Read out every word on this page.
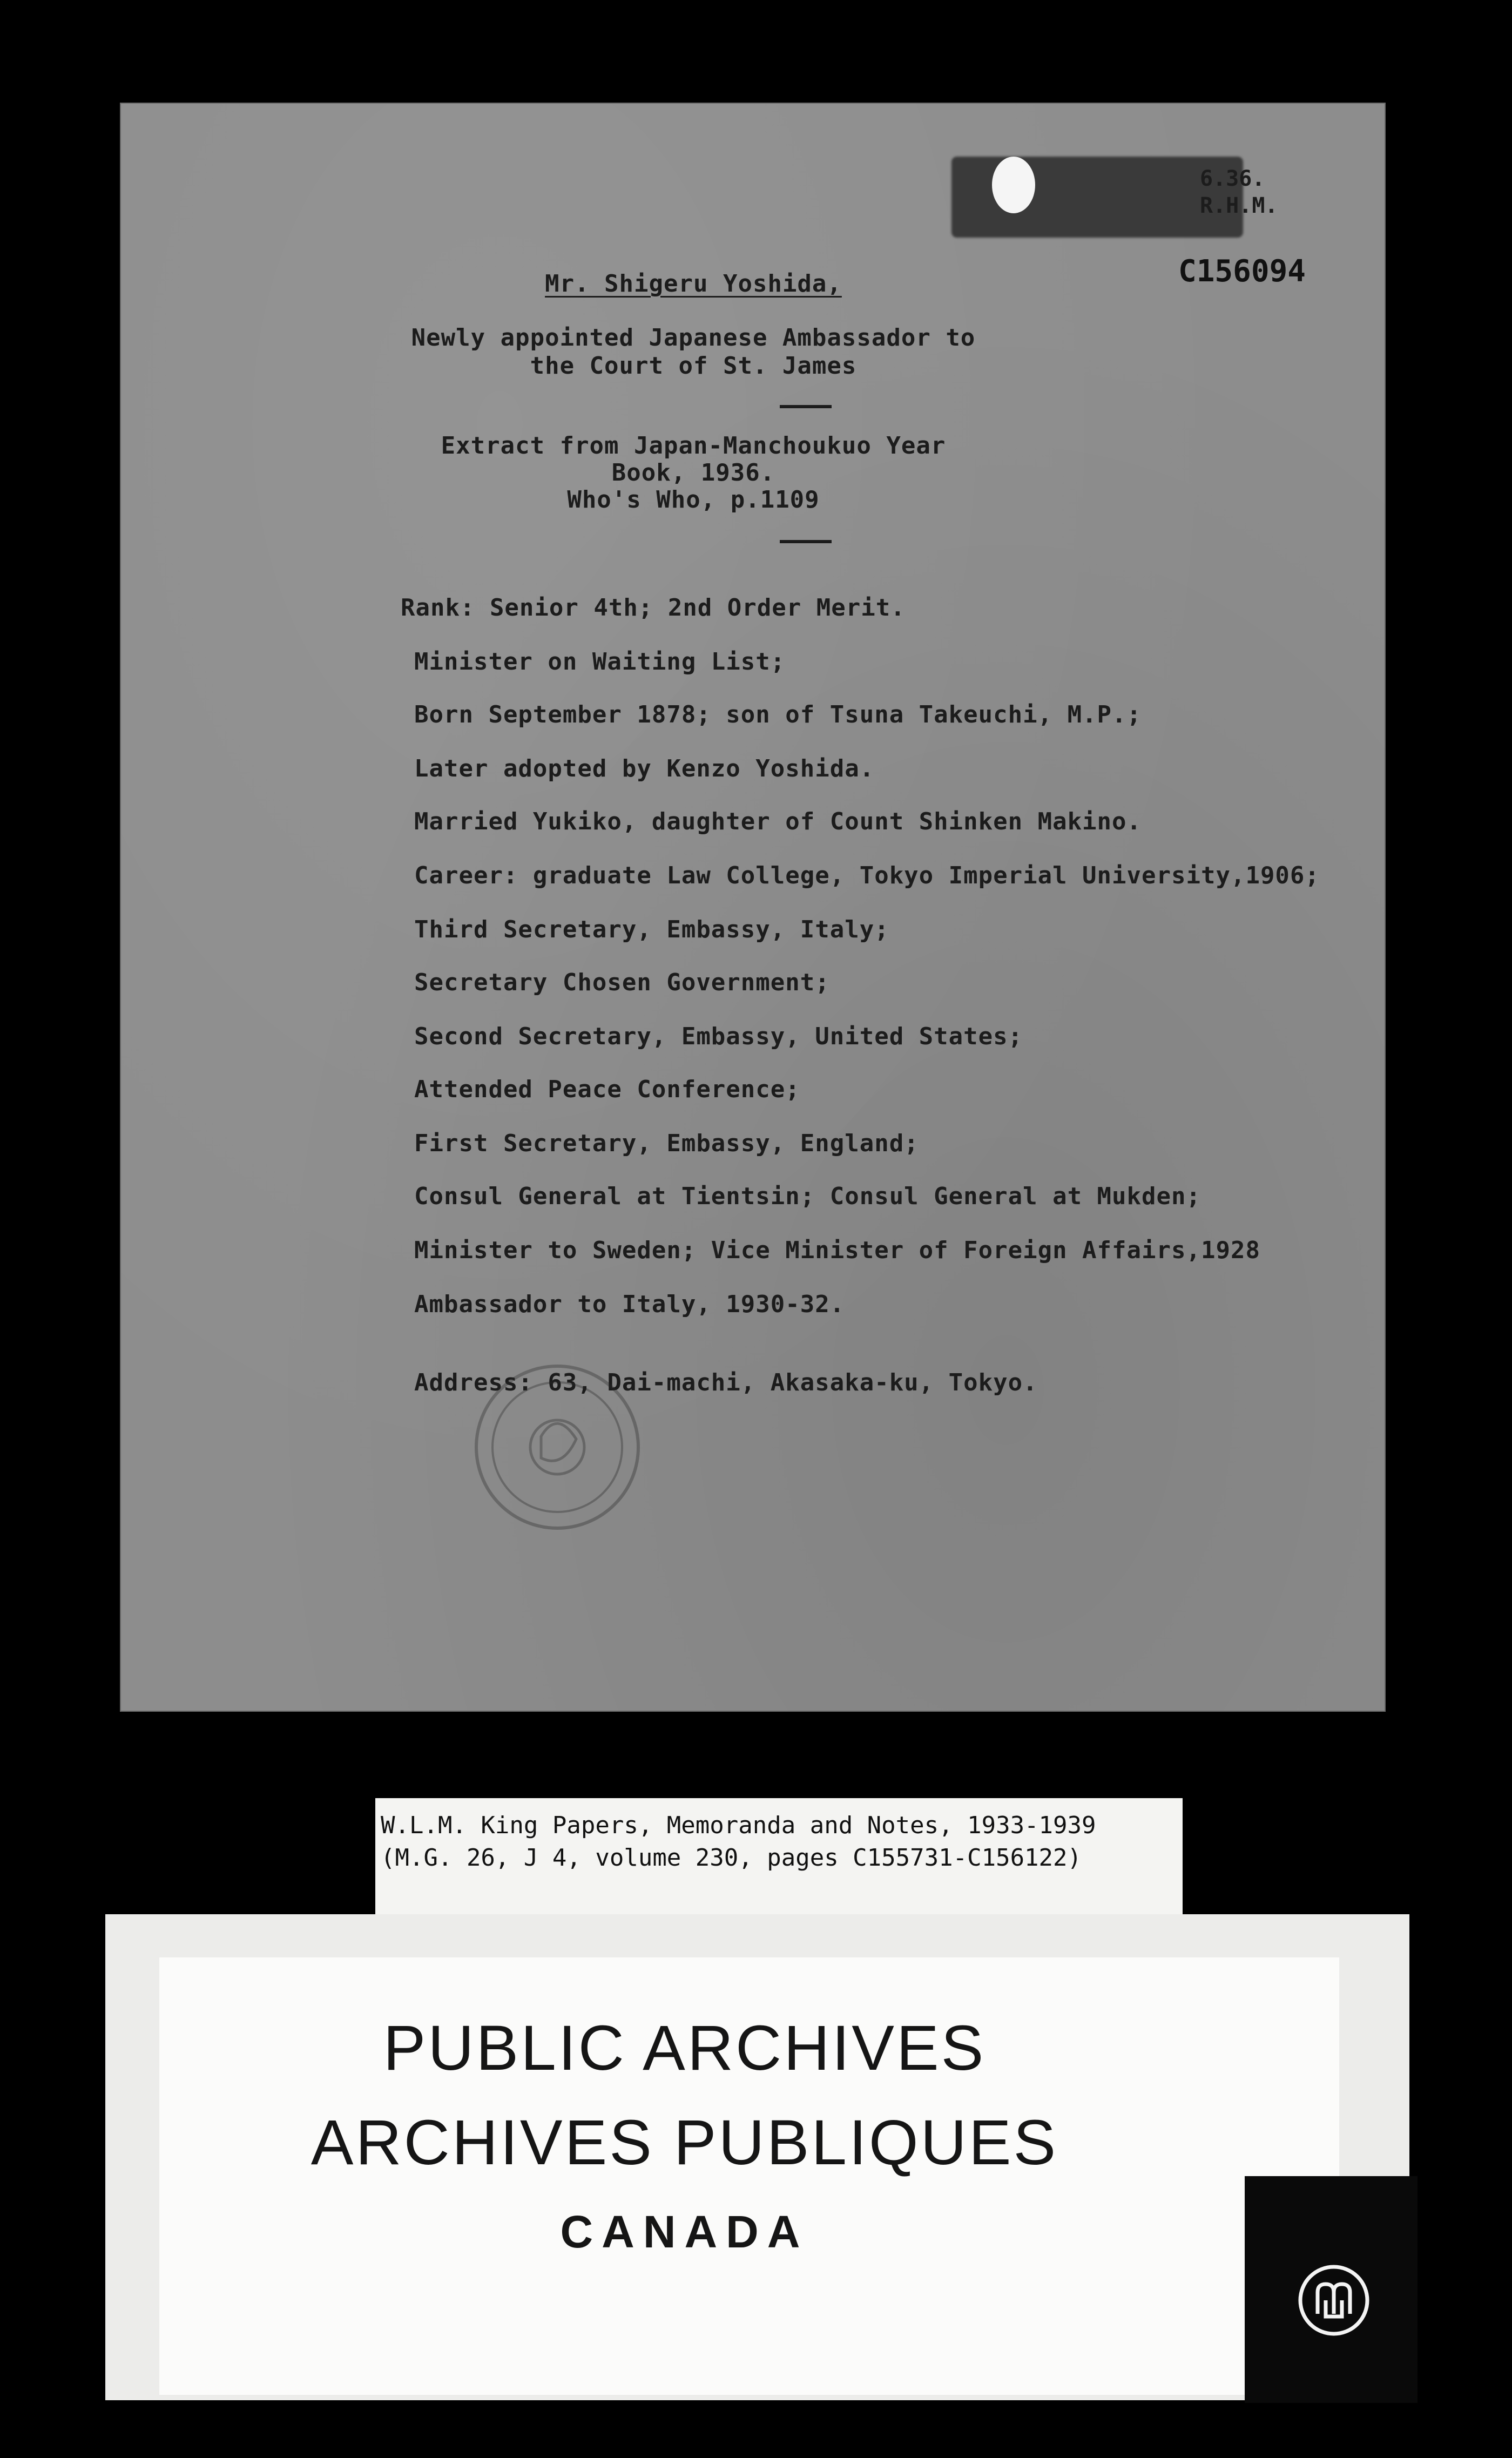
6.36.
R.H.M.
C156094
Mr. Shigeru Yoshida,
Newly appointed Japanese Ambassador to
the Court of St. James
Extract from Japan-Manchoukuo Year
Book, 1936.
Who's Who, p.1109
Rank: Senior 4th; 2nd Order Merit.
Minister on Waiting List;
Born September 1878; son of Tsuna Takeuchi, M.P.;
Later adopted by Kenzo Yoshida.
Married Yukiko, daughter of Count Shinken Makino.
Career: graduate Law College, Tokyo Imperial University,1906;
Third Secretary, Embassy, Italy;
Secretary Chosen Government;
Second Secretary, Embassy, United States;
Attended Peace Conference;
First Secretary, Embassy, England;
Consul General at Tientsin; Consul General at Mukden;
Minister to Sweden; Vice Minister of Foreign Affairs,1928
Ambassador to Italy, 1930-32.
Address: 63, Dai-machi, Akasaka-ku, Tokyo.
W.L.M. King Papers, Memoranda and Notes, 1933-1939
(M.G. 26, J 4, volume 230, pages C155731-C156122)
PUBLIC ARCHIVES
ARCHIVES PUBLIQUES
CANADA
